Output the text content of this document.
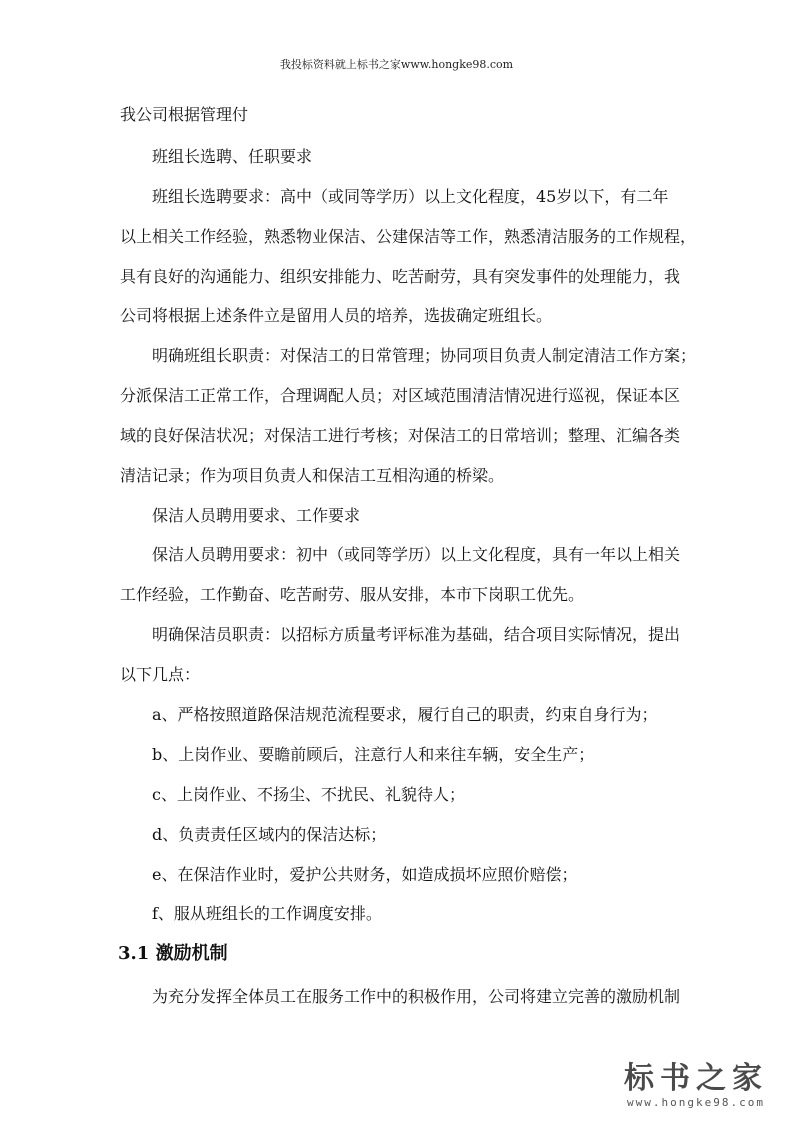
我投标资料就上标书之家www.hongke98.com
我公司根据管理付
班组长选聘、任职要求
班组长选聘要求：高中（或同等学历）以上文化程度，45岁以下，有二年
以上相关工作经验，熟悉物业保洁、公建保洁等工作，熟悉清洁服务的工作规程，
具有良好的沟通能力、组织安排能力、吃苦耐劳，具有突发事件的处理能力，我
公司将根据上述条件立是留用人员的培养，选拔确定班组长。
明确班组长职责：对保洁工的日常管理；协同项目负责人制定清洁工作方案；
分派保洁工正常工作，合理调配人员；对区域范围清洁情况进行巡视，保证本区
域的良好保洁状况；对保洁工进行考核；对保洁工的日常培训；整理、汇编各类
清洁记录；作为项目负责人和保洁工互相沟通的桥梁。
保洁人员聘用要求、工作要求
保洁人员聘用要求：初中（或同等学历）以上文化程度，具有一年以上相关
工作经验，工作勤奋、吃苦耐劳、服从安排，本市下岗职工优先。
明确保洁员职责：以招标方质量考评标准为基础，结合项目实际情况，提出
以下几点：
a、严格按照道路保洁规范流程要求，履行自己的职责，约束自身行为；
b、上岗作业、要瞻前顾后，注意行人和来往车辆，安全生产；
c、上岗作业、不扬尘、不扰民、礼貌待人；
d、负责责任区域内的保洁达标；
e、在保洁作业时，爱护公共财务，如造成损坏应照价赔偿；
f、服从班组长的工作调度安排。
3.1 激励机制
为充分发挥全体员工在服务工作中的积极作用，公司将建立完善的激励机制
标书之家
www.hongke98.com
